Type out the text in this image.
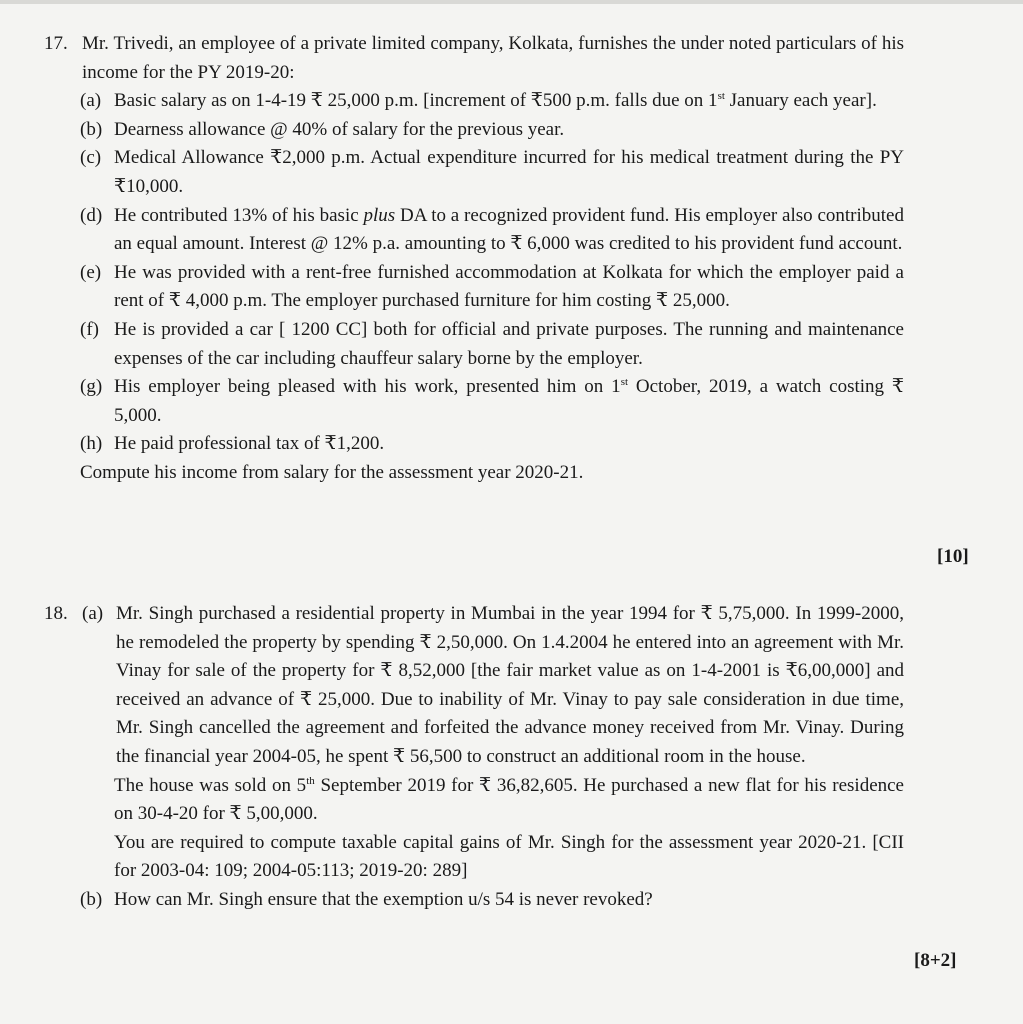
17. Mr. Trivedi, an employee of a private limited company, Kolkata, furnishes the under noted particulars of his income for the PY 2019-20:
(a) Basic salary as on 1-4-19 ₹ 25,000 p.m. [increment of ₹500 p.m. falls due on 1st January each year].
(b) Dearness allowance @ 40% of salary for the previous year.
(c) Medical Allowance ₹2,000 p.m. Actual expenditure incurred for his medical treatment during the PY ₹10,000.
(d) He contributed 13% of his basic plus DA to a recognized provident fund. His employer also contributed an equal amount. Interest @ 12% p.a. amounting to ₹ 6,000 was credited to his provident fund account.
(e) He was provided with a rent-free furnished accommodation at Kolkata for which the employer paid a rent of ₹ 4,000 p.m. The employer purchased furniture for him costing ₹ 25,000.
(f) He is provided a car [ 1200 CC] both for official and private purposes. The running and maintenance expenses of the car including chauffeur salary borne by the employer.
(g) His employer being pleased with his work, presented him on 1st October, 2019, a watch costing ₹ 5,000.
(h) He paid professional tax of ₹1,200.
Compute his income from salary for the assessment year 2020-21.
[10]
18. (a) Mr. Singh purchased a residential property in Mumbai in the year 1994 for ₹ 5,75,000. In 1999-2000, he remodeled the property by spending ₹ 2,50,000. On 1.4.2004 he entered into an agreement with Mr. Vinay for sale of the property for ₹ 8,52,000 [the fair market value as on 1-4-2001 is ₹6,00,000] and received an advance of ₹ 25,000. Due to inability of Mr. Vinay to pay sale consideration in due time, Mr. Singh cancelled the agreement and forfeited the advance money received from Mr. Vinay. During the financial year 2004-05, he spent ₹ 56,500 to construct an additional room in the house.
The house was sold on 5th September 2019 for ₹ 36,82,605. He purchased a new flat for his residence on 30-4-20 for ₹ 5,00,000.
You are required to compute taxable capital gains of Mr. Singh for the assessment year 2020-21. [CII for 2003-04: 109; 2004-05:113; 2019-20: 289]
(b) How can Mr. Singh ensure that the exemption u/s 54 is never revoked?
[8+2]
